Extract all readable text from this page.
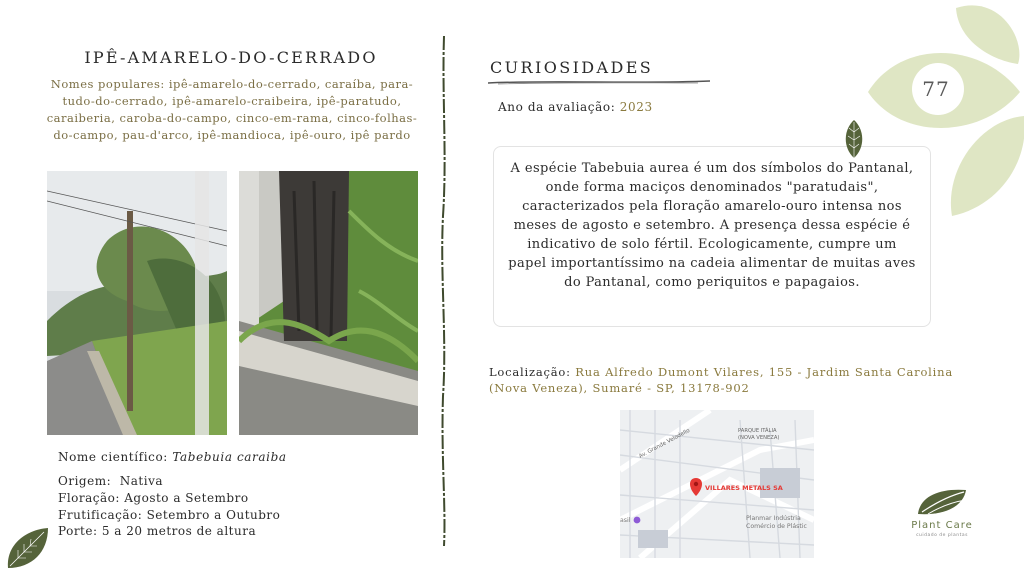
77
IPÊ-AMARELO-DO-CERRADO
Nomes populares: ipê-amarelo-do-cerrado, caraíba, para-tudo-do-cerrado, ipê-amarelo-craibeira, ipê-paratudo, caraiberia, caroba-do-campo, cinco-em-rama, cinco-folhas-do-campo, pau-d'arco, ipê-mandioca, ipê-ouro, ipê pardo
Nome científico: Tabebuia caraiba
Origem: Nativa
Floração: Agosto a Setembro
Frutificação: Setembro a Outubro
Porte: 5 a 20 metros de altura
CURIOSIDADES
Ano da avaliação: 2023
A espécie Tabebuia aurea é um dos símbolos do Pantanal, onde forma maciços denominados "paratudais", caracterizados pela floração amarelo-ouro intensa nos meses de agosto e setembro. A presença dessa espécie é indicativo de solo fértil. Ecologicamente, cumpre um papel importantíssimo na cadeia alimentar de muitas aves do Pantanal, como periquitos e papagaios.
Localização: Rua Alfredo Dumont Vilares, 155 - Jardim Santa Carolina (Nova Veneza), Sumaré - SP, 13178-902
Av. Grande Velodello	PARQUE ITÁLIA
(NOVA VENEZA)
VILLARES METALS SA
Planmar Indústria
Comércio de Plástic
asil	Plant Care
cuidado de plantas
